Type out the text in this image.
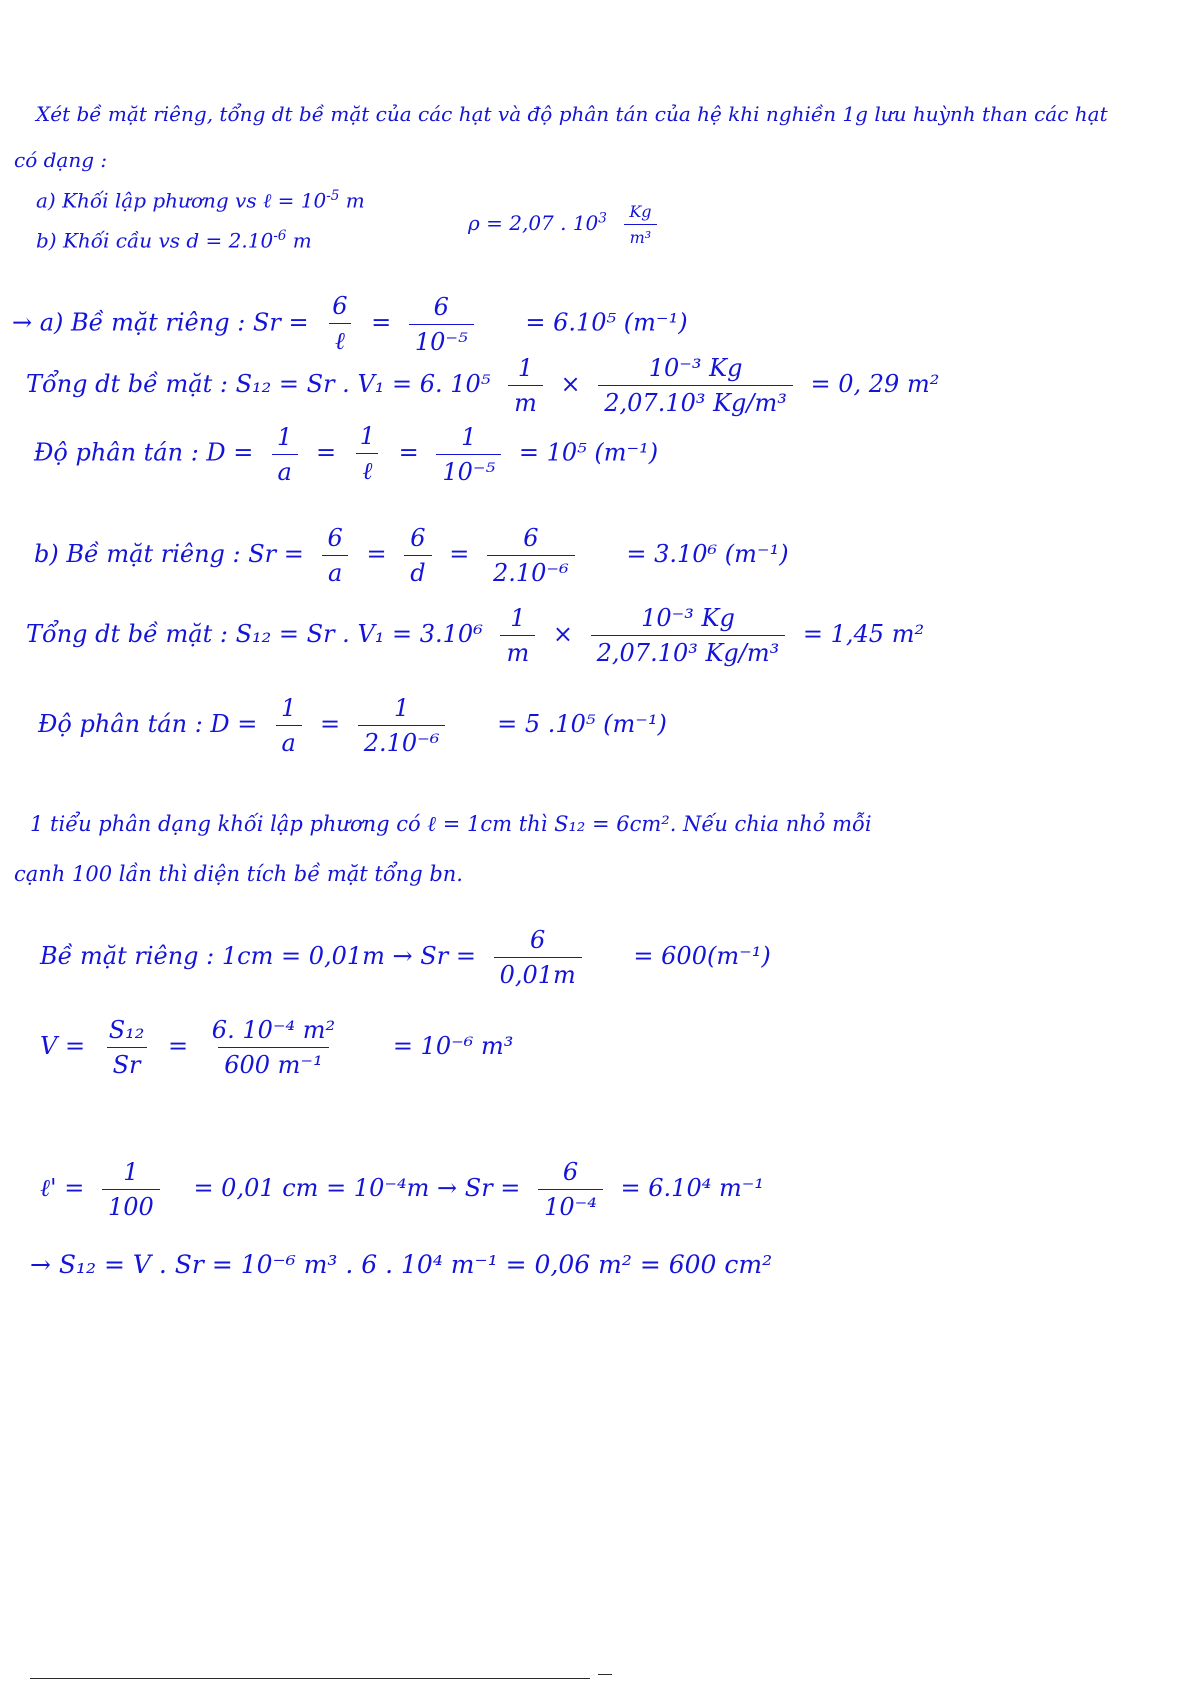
Xét bề mặt riêng, tổng dt bề mặt của các hạt và độ phân tán của hệ khi nghiền 1g lưu huỳnh than các hạt
có dạng :
a) Khối lập phương vs ℓ = $10^{-5}$ m
b) Khối cầu vs $d = 2.10^{-6}$ m
ρ = 2,07 . $10^3 \frac{Kg}{\text{m³}}$
→ a) Bề mặt riêng : $Sr = \frac{6}{\text{ℓ}} = \frac{6}{\text{10⁻⁵}} = 6.10^5$ (m⁻¹)
Tổng dt bề mặt : S₁₂ = Sr . V₁ = 6. $10^5 \frac{1}{m} \times \frac{\text{10⁻³ Kg}}{\text{2,07.10³ Kg/m³}} = 0$, 29 m²
Độ phân tán : $D = \frac{1}{a} = \frac{1}{\text{ℓ}} = \frac{1}{\text{10⁻⁵}} = 10^5$ (m⁻¹)
b) Bề mặt riêng : $Sr = \frac{6}{a} = \frac{6}{d} = \frac{6}{\text{2.10⁻⁶}} = 3.10^6$ (m⁻¹)
Tổng dt bề mặt : S₁₂ = Sr . $V_1 = 3.10^6 \frac{1}{m} \times \frac{\text{10⁻³ Kg}}{\text{2,07.10³ Kg/m³}} = 1,45$ m²
Độ phân tán : $D = \frac{1}{a} = \frac{1}{\text{2.10⁻⁶}} = 5$ .10⁵ (m⁻¹)
1 tiểu phân dạng khối lập phương có ℓ = 1cm thì S₁₂ = 6cm². Nếu chia nhỏ mỗi
cạnh 100 lần thì diện tích bề mặt tổng bn.
Bề mặt riêng : $1cm = 0,01m \to Sr = \frac{6}{0,01m} = 600(m^{-1})$
$V = \frac{\text{S₁₂}}{Sr} = \frac{\text{6. 10⁻⁴ m²}}{\text{600 m⁻¹}} = 10^{-6}$ m³
ℓ' = $\frac{1}{100} = 0,01$ cm = $10^{-4}m \to Sr = \frac{6}{\text{10⁻⁴}} = 6.10^4$ m⁻¹
→ S₁₂ = V . Sr = 10⁻⁶ m³ . 6 . 10⁴ m⁻¹ = 0,06 m² = 600 cm²
